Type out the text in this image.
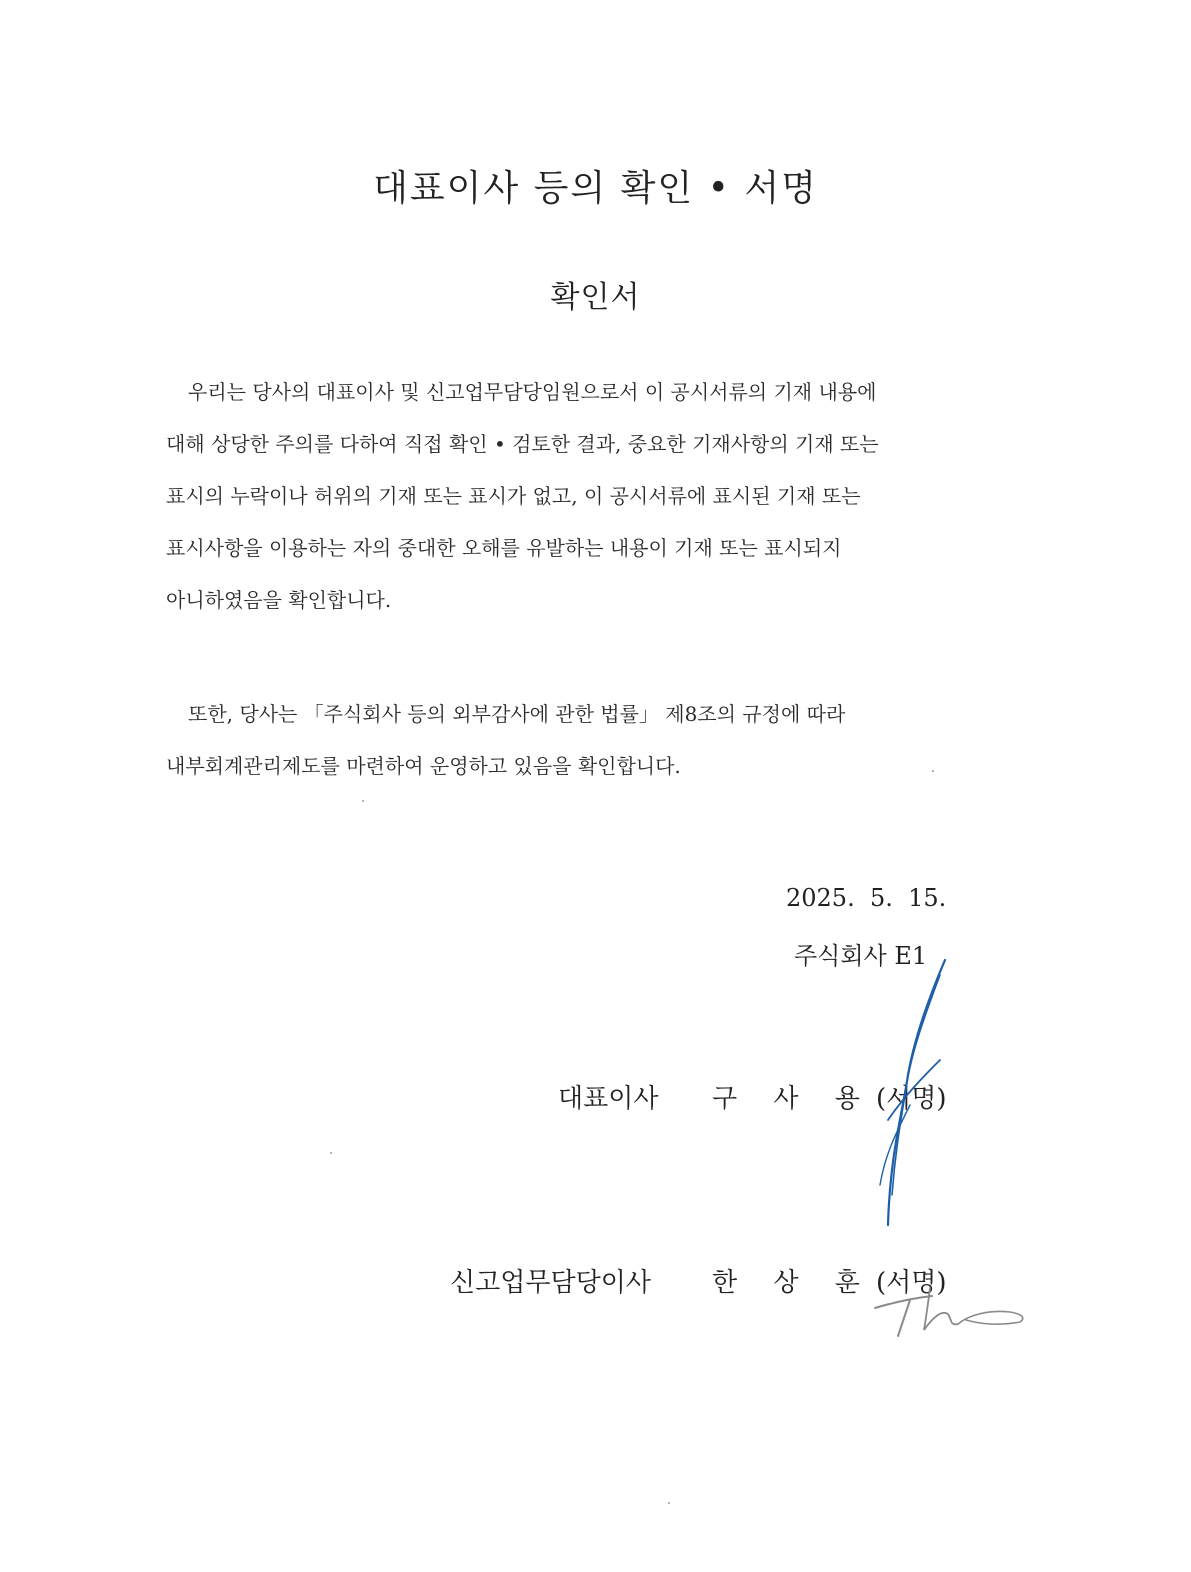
대표이사 등의 확인 • 서명
확인서
우리는 당사의 대표이사 및 신고업무담당임원으로서 이 공시서류의 기재 내용에
대해 상당한 주의를 다하여 직접 확인 • 검토한 결과, 중요한 기재사항의 기재 또는
표시의 누락이나 허위의 기재 또는 표시가 없고, 이 공시서류에 표시된 기재 또는
표시사항을 이용하는 자의 중대한 오해를 유발하는 내용이 기재 또는 표시되지
아니하였음을 확인합니다.
또한, 당사는 「주식회사 등의 외부감사에 관한 법률」 제8조의 규정에 따라
내부회계관리제도를 마련하여 운영하고 있음을 확인합니다.
2025.  5.  15.
주식회사 E1
대표이사 구 사 용 (서명)
신고업무담당이사 한 상 훈 (서명)
